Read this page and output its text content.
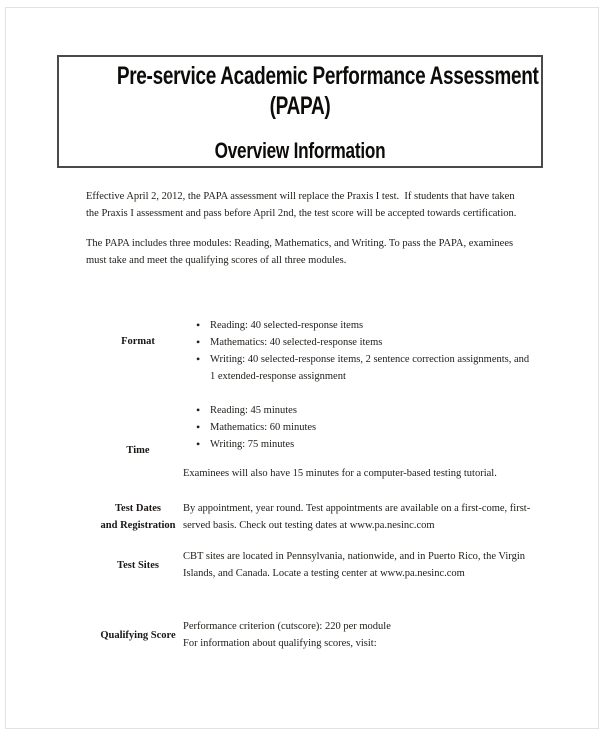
Pre-service Academic Performance Assessment
(PAPA)
Overview Information
Effective April 2, 2012, the PAPA assessment will replace the Praxis I test.  If students that have taken
the Praxis I assessment and pass before April 2nd, the test score will be accepted towards certification.
The PAPA includes three modules: Reading, Mathematics, and Writing. To pass the PAPA, examinees
must take and meet the qualifying scores of all three modules.
Format
• Reading: 40 selected-response items
• Mathematics: 40 selected-response items
• Writing: 40 selected-response items, 2 sentence correction assignments, and
1 extended-response assignment
Time
• Reading: 45 minutes
• Mathematics: 60 minutes
• Writing: 75 minutes
Examinees will also have 15 minutes for a computer-based testing tutorial.
Test Dates
and Registration
By appointment, year round. Test appointments are available on a first-come, first-
served basis. Check out testing dates at www.pa.nesinc.com
Test Sites
CBT sites are located in Pennsylvania, nationwide, and in Puerto Rico, the Virgin
Islands, and Canada. Locate a testing center at www.pa.nesinc.com
Qualifying Score
Performance criterion (cutscore): 220 per module
For information about qualifying scores, visit:
